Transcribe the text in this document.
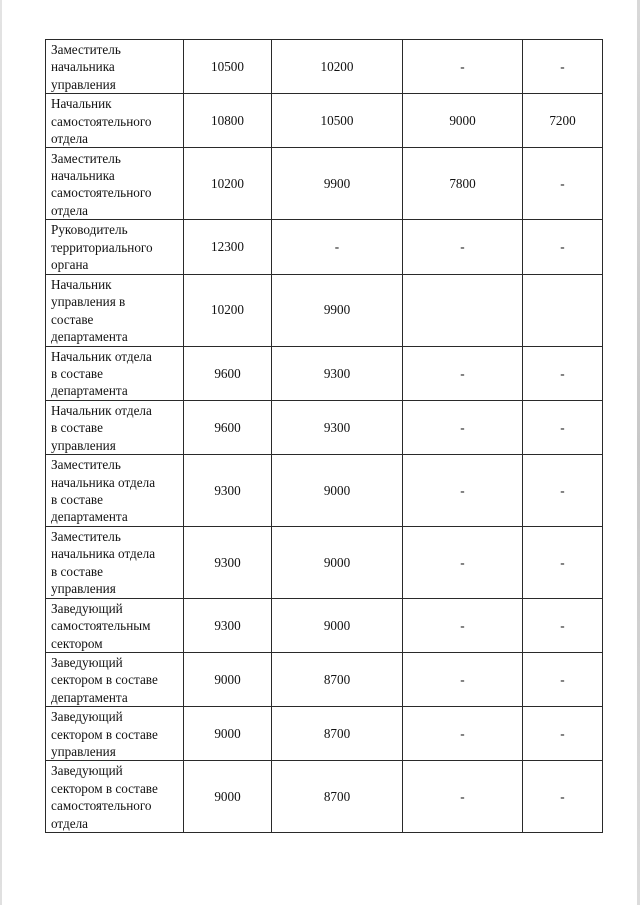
Заместитель
начальника
управления	10500	10200	-	-

Начальник
самостоятельного
отдела	10800	10500	9000	7200

Заместитель
начальника
самостоятельного
отдела	10200	9900	7800	-

Руководитель
территориального
органа	12300	-	-	-

Начальник
управления в
составе
департамента	10200	9900		

Начальник отдела
в составе
департамента	9600	9300	-	-

Начальник отдела
в составе
управления	9600	9300	-	-

Заместитель
начальника отдела
в составе
департамента	9300	9000	-	-

Заместитель
начальника отдела
в составе
управления	9300	9000	-	-

Заведующий
самостоятельным
сектором	9300	9000	-	-

Заведующий
сектором в составе
департамента	9000	8700	-	-

Заведующий
сектором в составе
управления	9000	8700	-	-

Заведующий
сектором в составе
самостоятельного
отдела	9000	8700	-	-
